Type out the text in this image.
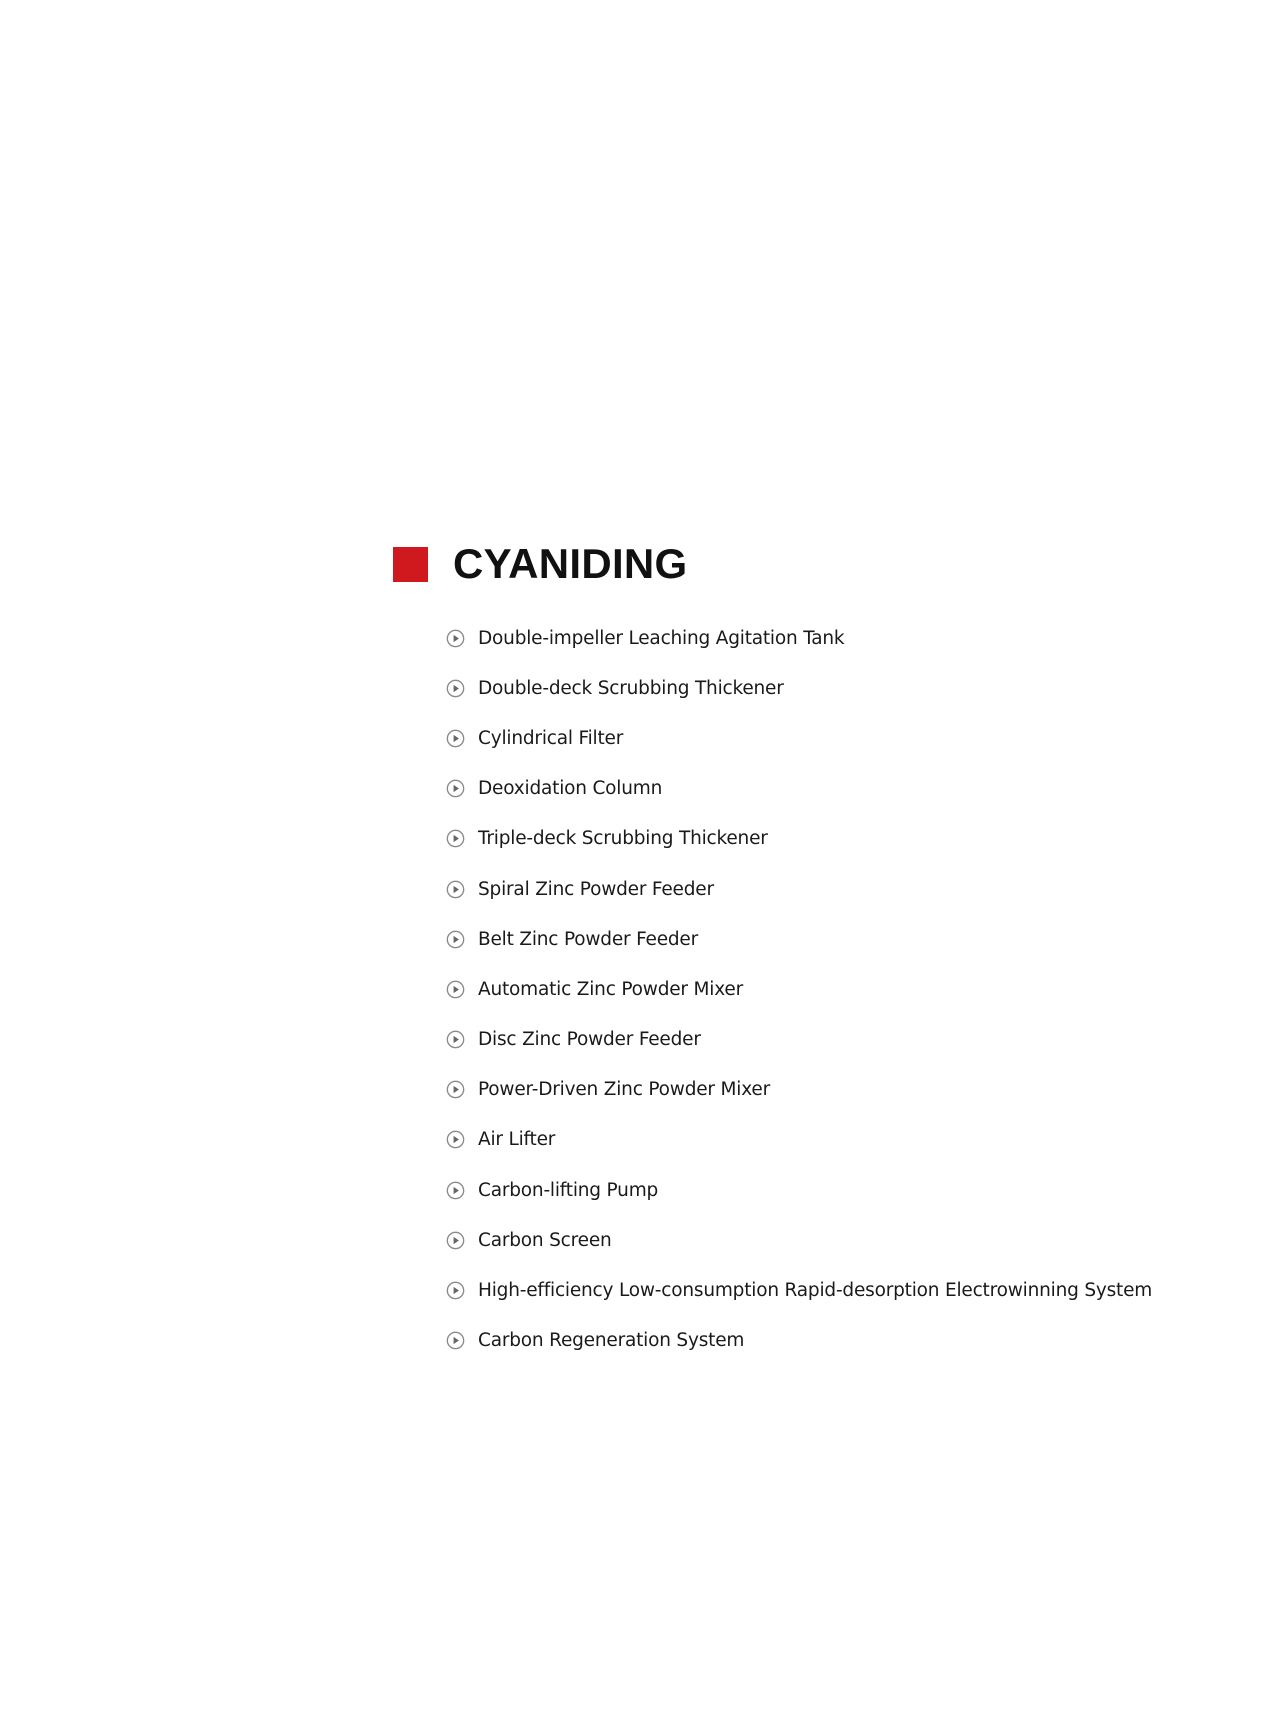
CYANIDING
Double-impeller Leaching Agitation Tank
Double-deck Scrubbing Thickener
Cylindrical Filter
Deoxidation Column
Triple-deck Scrubbing Thickener
Spiral Zinc Powder Feeder
Belt Zinc Powder Feeder
Automatic Zinc Powder Mixer
Disc Zinc Powder Feeder
Power-Driven Zinc Powder Mixer
Air Lifter
Carbon-lifting Pump
Carbon Screen
High-efficiency Low-consumption Rapid-desorption Electrowinning System
Carbon Regeneration System
